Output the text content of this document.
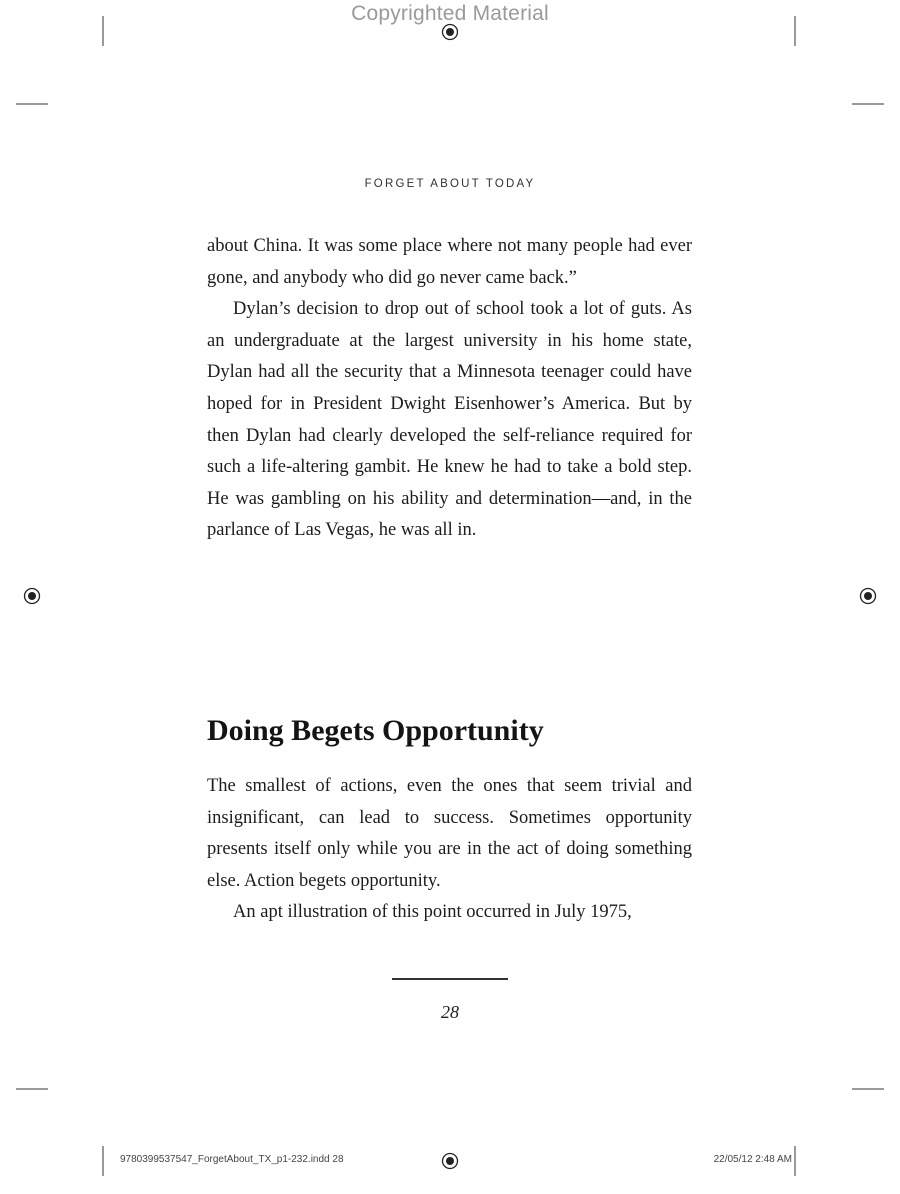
Copyrighted Material
FORGET ABOUT TODAY

about China. It was some place where not many people had ever gone, and anybody who did go never came back.”

Dylan’s decision to drop out of school took a lot of guts. As an undergraduate at the largest university in his home state, Dylan had all the security that a Minnesota teenager could have hoped for in President Dwight Eisenhower’s America. But by then Dylan had clearly developed the self-reliance required for such a life-altering gambit. He knew he had to take a bold step. He was gambling on his ability and determination—and, in the parlance of Las Vegas, he was all in.

Doing Begets Opportunity

The smallest of actions, even the ones that seem trivial and insignificant, can lead to success. Sometimes opportunity presents itself only while you are in the act of doing something else. Action begets opportunity.

An apt illustration of this point occurred in July 1975,

28
9780399537547_ForgetAbout_TX_p1-232.indd 28	22/05/12 2:48 AM
